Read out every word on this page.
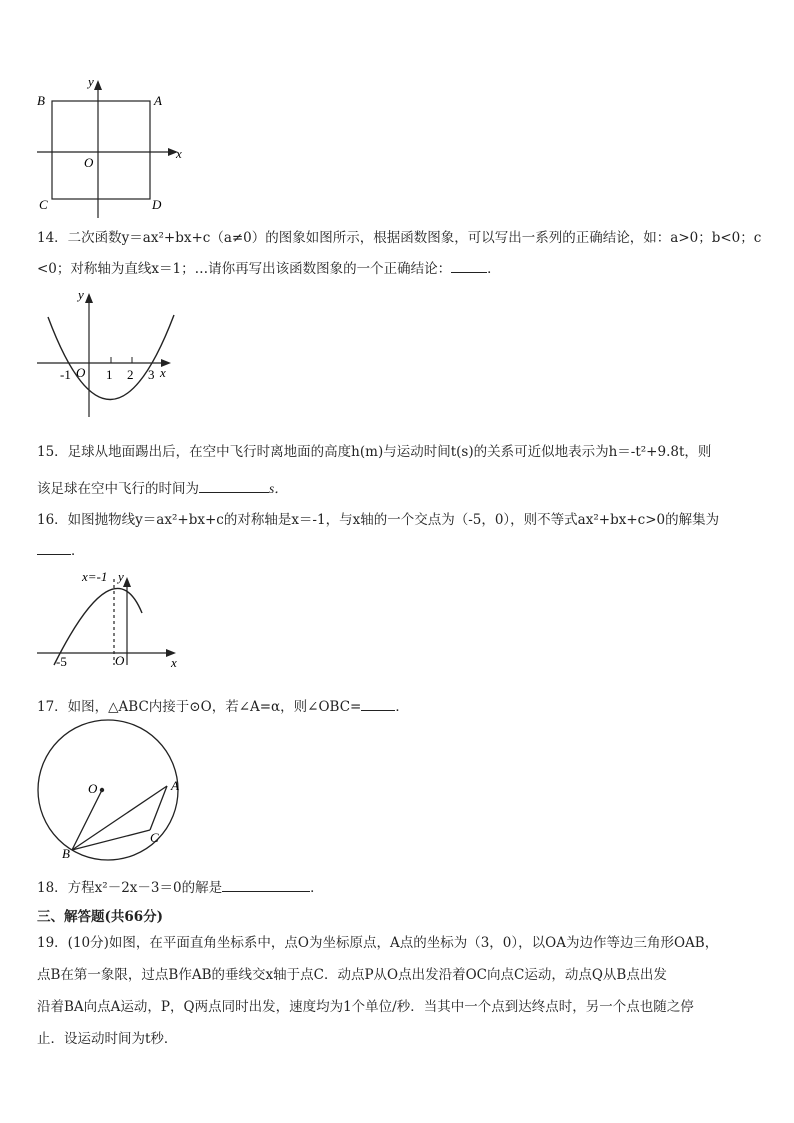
B	A
C	D
O
x
y
14．二次函数y＝ax²+bx+c（a≠0）的图象如图所示，根据函数图象，可以写出一系列的正确结论，如：a>0；b<0；c
<0；对称轴为直线x＝1；…请你再写出该函数图象的一个正确结论：	．
y
x
O
-1	1 2 3
15．足球从地面踢出后，在空中飞行时离地面的高度h(m)与运动时间t(s)的关系可近似地表示为h＝-t²+9.8t，则
该足球在空中飞行的时间为	s．
16．如图抛物线y＝ax²+bx+c的对称轴是x＝-1，与x轴的一个交点为（-5，0），则不等式ax²+bx+c>0的解集为
．
x=-1 y
x
O
-5
17．如图，△ABC内接于⊙O，若∠A=α，则∠OBC=	．
O	A
B
C
18．方程x²－2x－3＝0的解是	．
三、解答题(共66分)
19．(10分)如图，在平面直角坐标系中，点O为坐标原点，A点的坐标为（3，0），以OA为边作等边三角形OAB，
点B在第一象限，过点B作AB的垂线交x轴于点C．动点P从O点出发沿着OC向点C运动，动点Q从B点出发
沿着BA向点A运动，P，Q两点同时出发，速度均为1个单位/秒．当其中一个点到达终点时，另一个点也随之停
止．设运动时间为t秒．
